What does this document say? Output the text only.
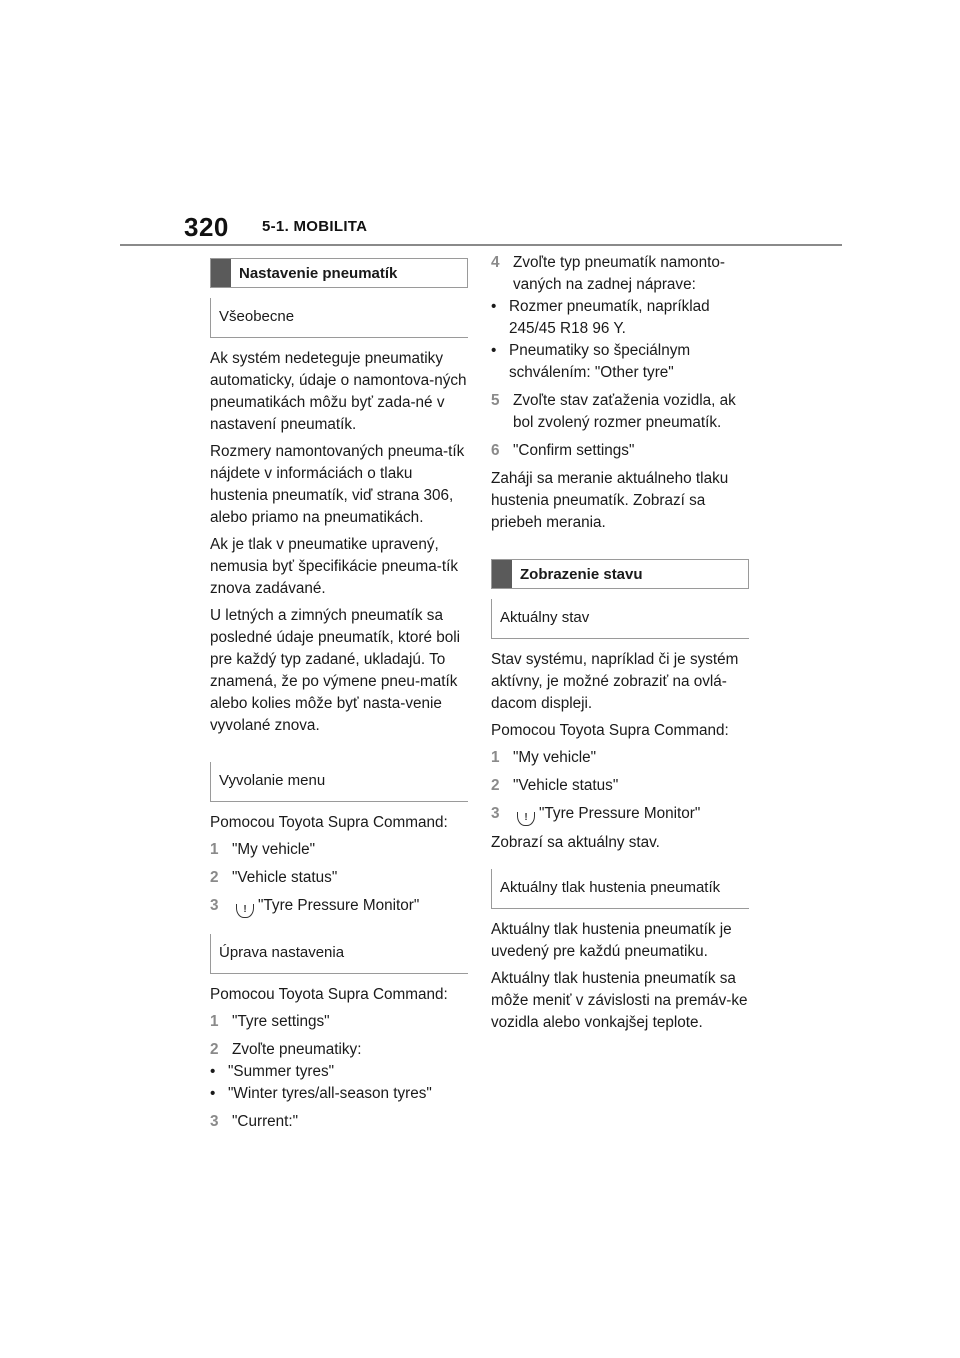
320 5-1. MOBILITA
Nastavenie pneumatík
Všeobecne

Ak systém nedeteguje pneumatiky automaticky, údaje o namontova-ných pneumatikách môžu byť zada-né v nastavení pneumatík.

Rozmery namontovaných pneuma-tík nájdete v informáciách o tlaku hustenia pneumatík, viď strana 306, alebo priamo na pneumatikách.

Ak je tlak v pneumatike upravený, nemusia byť špecifikácie pneuma-tík znova zadávané.

U letných a zimných pneumatík sa posledné údaje pneumatík, ktoré boli pre každý typ zadané, ukladajú. To znamená, že po výmene pneu-matík alebo kolies môže byť nasta-venie vyvolané znova.

Vyvolanie menu

Pomocou Toyota Supra Command:

1 "My vehicle"
2 "Vehicle status"
3	! "Tyre Pressure Monitor"
Úprava nastavenia

Pomocou Toyota Supra Command:

1 "Tyre settings"
2 Zvoľte pneumatiky:
• "Summer tyres"
• "Winter tyres/all-season tyres"
3 "Current:"
4 Zvoľte typ pneumatík namonto-vaných na zadnej náprave:
• Rozmer pneumatík, napríklad 245/45 R18 96 Y.
• Pneumatiky so špeciálnym schválením: "Other tyre"
5 Zvoľte stav zaťaženia vozidla, ak bol zvolený rozmer pneumatík.
6 "Confirm settings"

Zaháji sa meranie aktuálneho tlaku hustenia pneumatík. Zobrazí sa priebeh merania.

Zobrazenie stavu
Aktuálny stav

Stav systému, napríklad či je systém aktívny, je možné zobraziť na ovlá-dacom displeji.

Pomocou Toyota Supra Command:

1 "My vehicle"
2 "Vehicle status"
3	! "Tyre Pressure Monitor"

Zobrazí sa aktuálny stav.

Aktuálny tlak hustenia pneumatík

Aktuálny tlak hustenia pneumatík je uvedený pre každú pneumatiku.

Aktuálny tlak hustenia pneumatík sa môže meniť v závislosti na premáv-ke vozidla alebo vonkajšej teplote.
